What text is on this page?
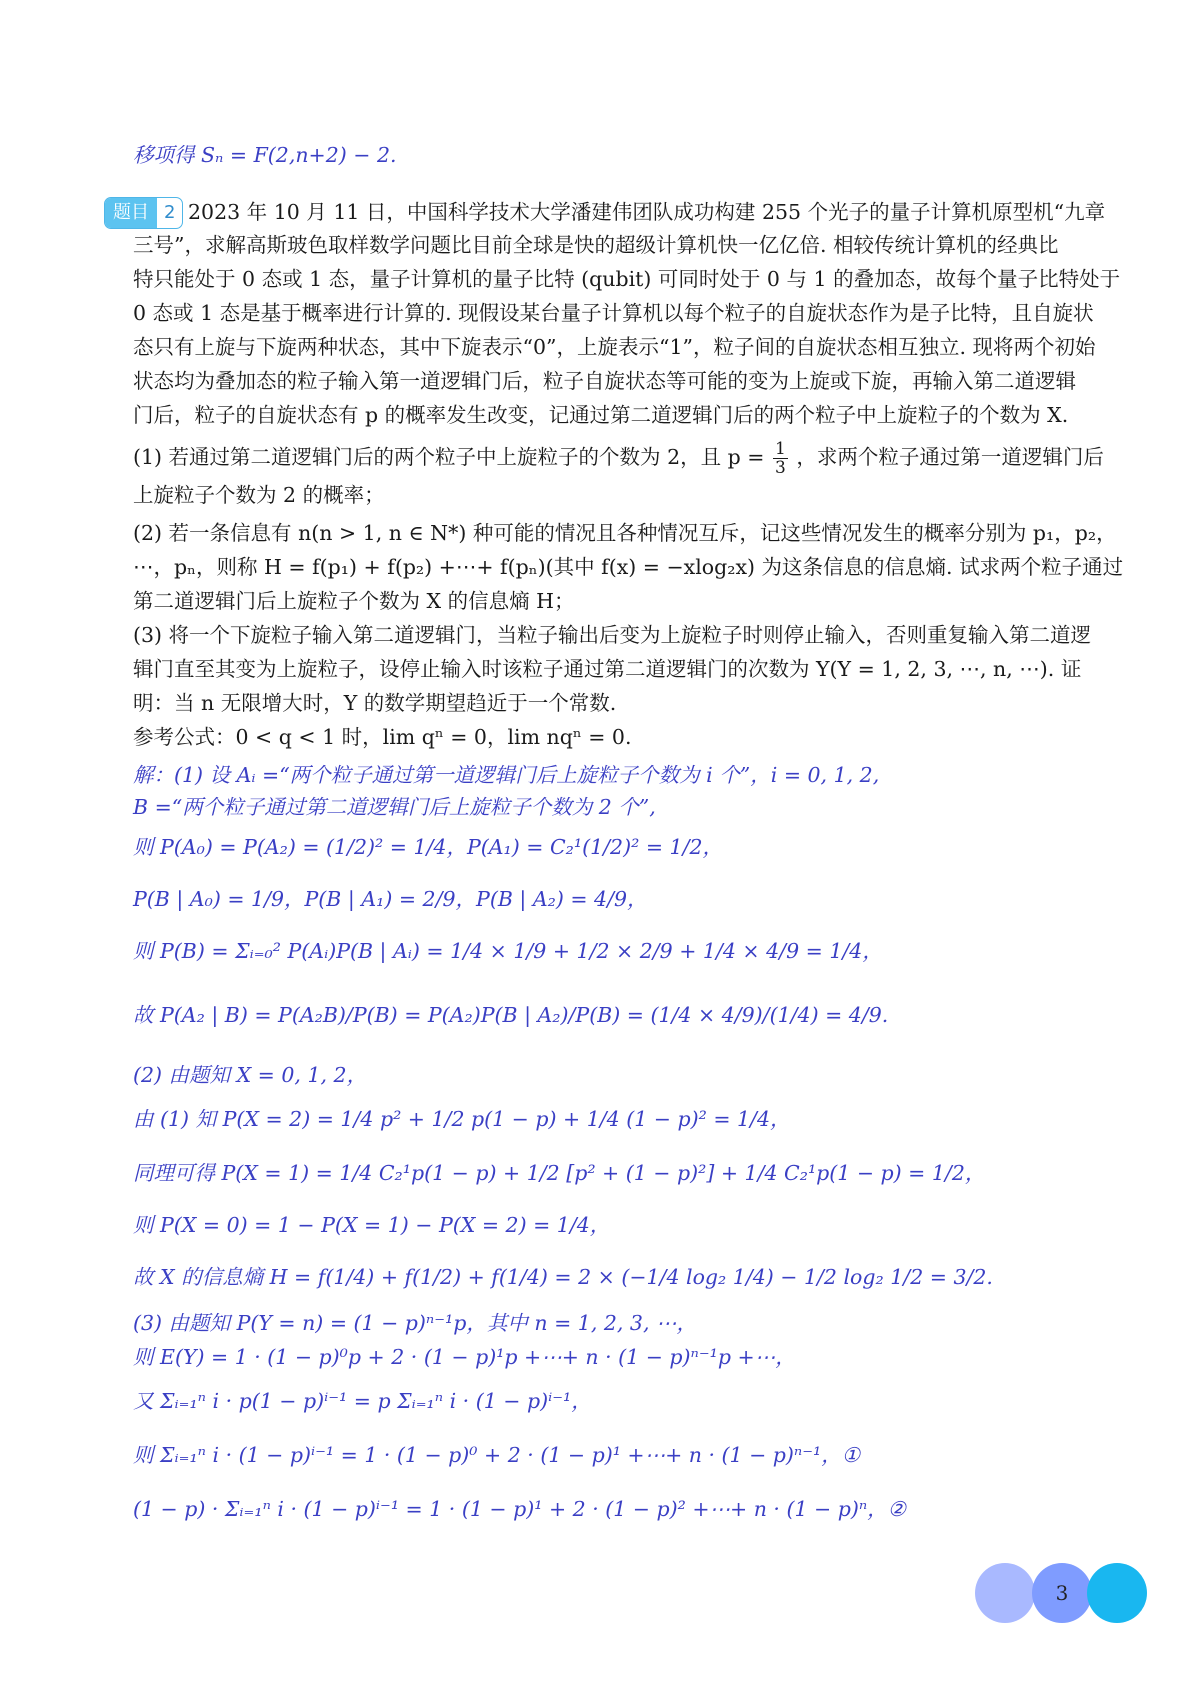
移项得 Sₙ = F(2,n+2) − 2.
题目 2 2023 年 10 月 11 日，中国科学技术大学潘建伟团队成功构建 255 个光子的量子计算机原型机“九章
三号”，求解高斯玻色取样数学问题比目前全球是快的超级计算机快一亿亿倍. 相较传统计算机的经典比
特只能处于 0 态或 1 态，量子计算机的量子比特 (qubit) 可同时处于 0 与 1 的叠加态，故每个量子比特处于
0 态或 1 态是基于概率进行计算的. 现假设某台量子计算机以每个粒子的自旋状态作为是子比特，且自旋状
态只有上旋与下旋两种状态，其中下旋表示“0”，上旋表示“1”，粒子间的自旋状态相互独立. 现将两个初始
状态均为叠加态的粒子输入第一道逻辑门后，粒子自旋状态等可能的变为上旋或下旋，再输入第二道逻辑
门后，粒子的自旋状态有 p 的概率发生改变，记通过第二道逻辑门后的两个粒子中上旋粒子的个数为 X.
(1) 若通过第二道逻辑门后的两个粒子中上旋粒子的个数为 2，且 $p = \frac{1}{3}$ ，求两个粒子通过第一道逻辑门后
上旋粒子个数为 2 的概率；
(2) 若一条信息有 n(n > 1, n ∈ N*) 种可能的情况且各种情况互斥，记这些情况发生的概率分别为 p₁，p₂，
⋯，pₙ，则称 H = f(p₁) + f(p₂) +⋯+ f(pₙ)(其中 f(x) = −xlog₂x) 为这条信息的信息熵. 试求两个粒子通过
第二道逻辑门后上旋粒子个数为 X 的信息熵 H；
(3) 将一个下旋粒子输入第二道逻辑门，当粒子输出后变为上旋粒子时则停止输入，否则重复输入第二道逻
辑门直至其变为上旋粒子，设停止输入时该粒子通过第二道逻辑门的次数为 Y(Y = 1, 2, 3, ⋯, n, ⋯). 证
明：当 n 无限增大时，Y 的数学期望趋近于一个常数.
参考公式：0 < q < 1 时，lim qⁿ = 0，lim nqⁿ = 0.
解：(1) 设 Aᵢ =“两个粒子通过第一道逻辑门后上旋粒子个数为 i 个”，i = 0, 1, 2,
B =“两个粒子通过第二道逻辑门后上旋粒子个数为 2 个”,
则 P(A₀) = P(A₂) = (1/2)² = 1/4，P(A₁) = C₂¹(1/2)² = 1/2，
P(B | A₀) = 1/9，P(B | A₁) = 2/9，P(B | A₂) = 4/9，
则 P(B) = Σᵢ₌₀² P(Aᵢ)P(B | Aᵢ) = 1/4 × 1/9 + 1/2 × 2/9 + 1/4 × 4/9 = 1/4，
故 P(A₂ | B) = P(A₂B)/P(B) = P(A₂)P(B | A₂)/P(B) = (1/4 × 4/9)/(1/4) = 4/9.
(2) 由题知 X = 0, 1, 2，
由 (1) 知 P(X = 2) = 1/4 p² + 1/2 p(1 − p) + 1/4 (1 − p)² = 1/4，
同理可得 P(X = 1) = 1/4 C₂¹p(1 − p) + 1/2 [p² + (1 − p)²] + 1/4 C₂¹p(1 − p) = 1/2，
则 P(X = 0) = 1 − P(X = 1) − P(X = 2) = 1/4，
故 X 的信息熵 H = f(1/4) + f(1/2) + f(1/4) = 2 × (−1/4 log₂ 1/4) − 1/2 log₂ 1/2 = 3/2.
(3) 由题知 P(Y = n) = (1 − p)ⁿ⁻¹p，其中 n = 1, 2, 3, ⋯，
则 E(Y) = 1 · (1 − p)⁰p + 2 · (1 − p)¹p +⋯+ n · (1 − p)ⁿ⁻¹p +⋯，
又 Σᵢ₌₁ⁿ i · p(1 − p)ⁱ⁻¹ = p Σᵢ₌₁ⁿ i · (1 − p)ⁱ⁻¹，
则 Σᵢ₌₁ⁿ i · (1 − p)ⁱ⁻¹ = 1 · (1 − p)⁰ + 2 · (1 − p)¹ +⋯+ n · (1 − p)ⁿ⁻¹，①
(1 − p) · Σᵢ₌₁ⁿ i · (1 − p)ⁱ⁻¹ = 1 · (1 − p)¹ + 2 · (1 − p)² +⋯+ n · (1 − p)ⁿ，②
3
